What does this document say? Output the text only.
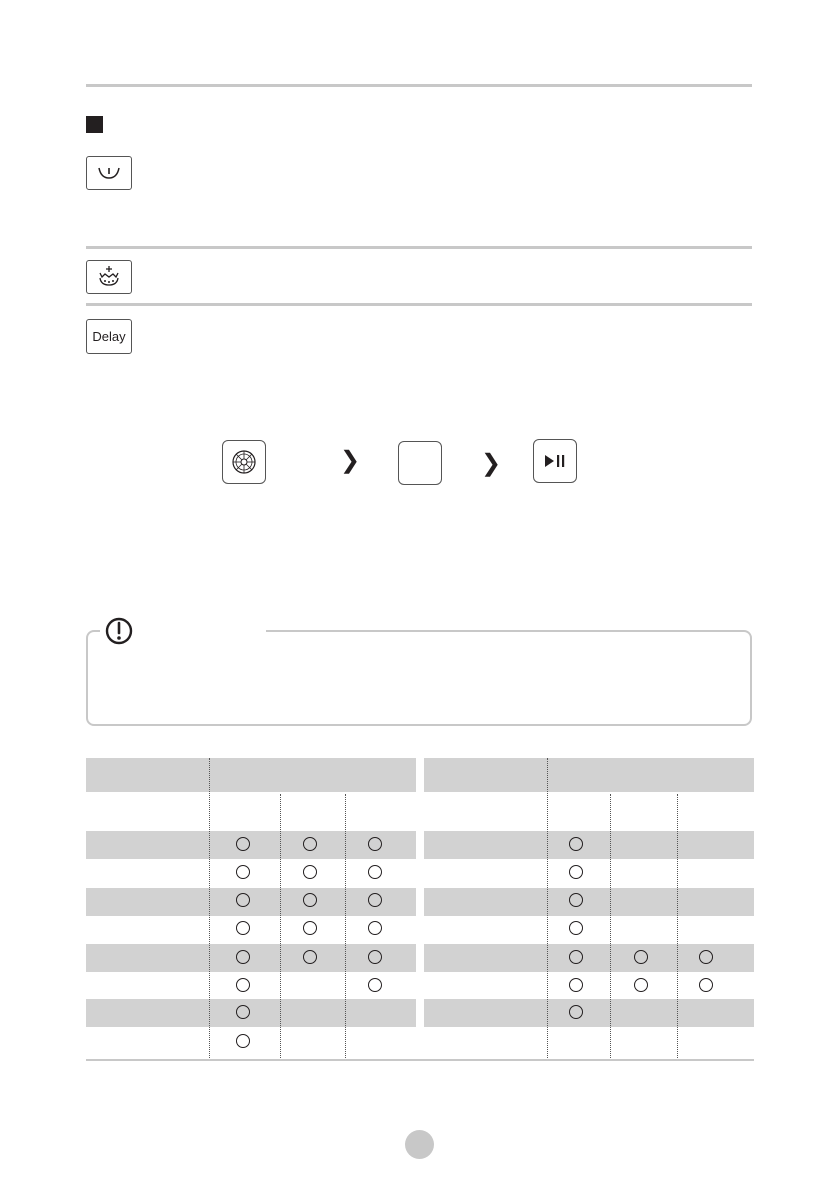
Delay
❯	❯
